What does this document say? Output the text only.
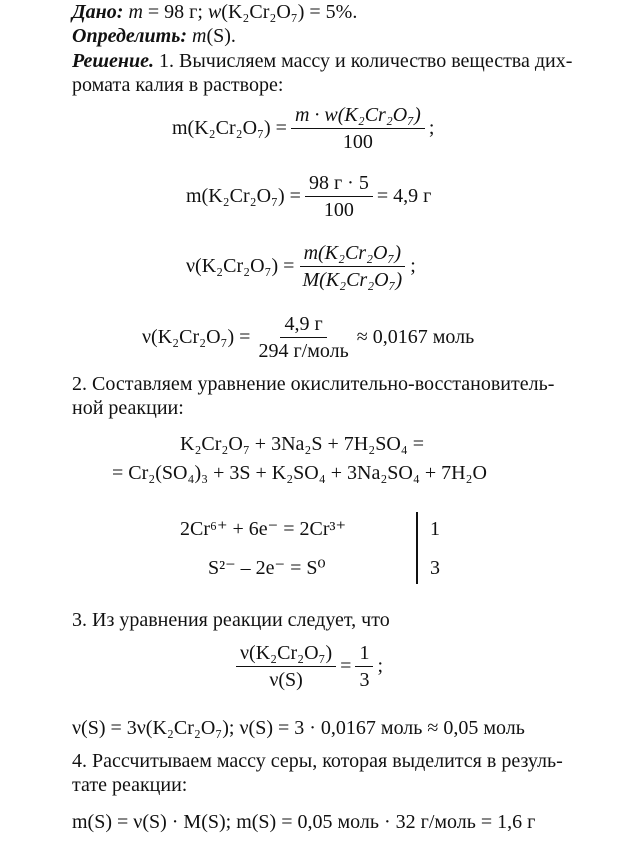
Дано: m = 98 г; w(K₂Cr₂O₇) = 5%.
Определить: m(S).
Решение. 1. Вычисляем массу и количество вещества дих-
ромата калия в растворе:
$m(K_2Cr_2O_7) = \frac{\text{m · w(K₂Cr₂O₇)}}{100}$ ;
$m(K_2Cr_2O_7) = \frac{98 г \cdot 5}{100} = 4,9$ г
$\nu(K_2Cr_2O_7) = \frac{\text{m(K₂Cr₂O₇)}}{\text{M(K₂Cr₂O₇)}}$ ;
$\nu(K_2Cr_2O_7) = \frac{4,9 г}{\text{294 г/моль}} \approx 0,0167$ моль
2. Составляем уравнение окислительно-восстановитель-
ной реакции:
K₂Cr₂O₇ + 3Na₂S + 7H₂SO₄ =
= Cr₂(SO₄)₃ + 3S + K₂SO₄ + 3Na₂SO₄ + 7H₂O
2Cr⁶⁺ + 6e⁻ = 2Cr³⁺	1
S²⁻ – 2e⁻ = S⁰	3
3. Из уравнения реакции следует, что
$\frac{\text{ν(K₂Cr₂O₇)}}{\nu(S)} = \frac{1}{3}$ ;
ν(S) = 3ν(K₂Cr₂O₇); ν(S) = 3 · 0,0167 моль ≈ 0,05 моль
4. Рассчитываем массу серы, которая выделится в резуль-
тате реакции:
m(S) = ν(S) · M(S); m(S) = 0,05 моль · 32 г/моль = 1,6 г
